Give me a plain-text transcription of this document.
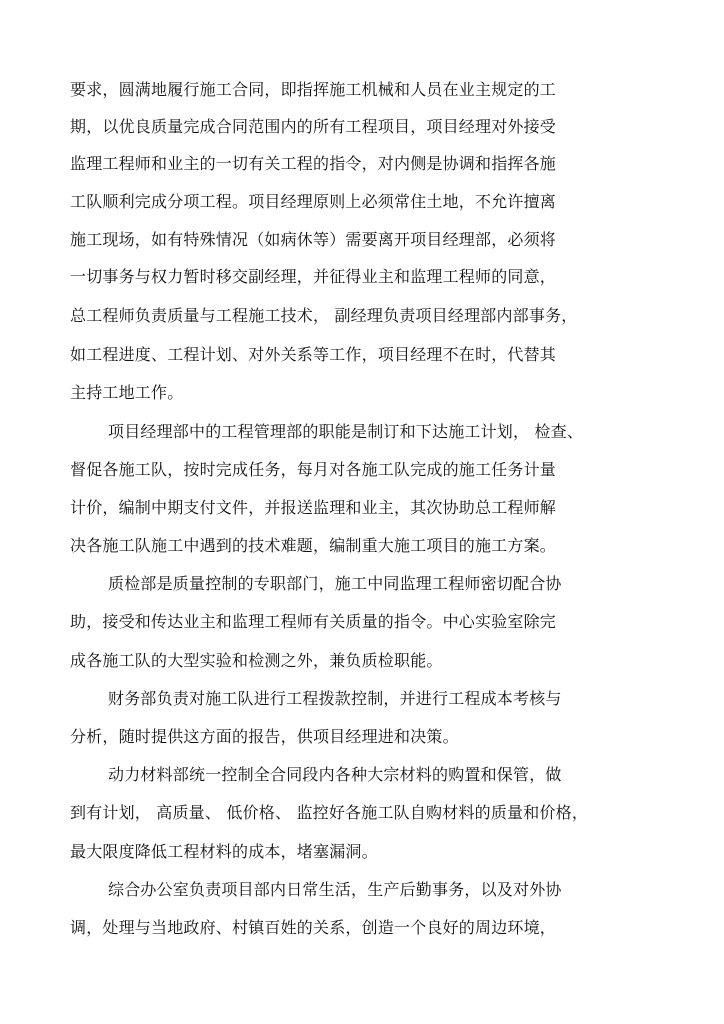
要求，圆满地履行施工合同，即指挥施工机械和人员在业主规定的工
期，以优良质量完成合同范围内的所有工程项目，项目经理对外接受
监理工程师和业主的一切有关工程的指令，对内侧是协调和指挥各施
工队顺利完成分项工程。项目经理原则上必须常住土地，不允许擅离
施工现场，如有特殊情况（如病休等）需要离开项目经理部，必须将
一切事务与权力暂时移交副经理，并征得业主和监理工程师的同意，
总工程师负责质量与工程施工技术， 副经理负责项目经理部内部事务，
如工程进度、工程计划、对外关系等工作，项目经理不在时，代替其
主持工地工作。
项目经理部中的工程管理部的职能是制订和下达施工计划， 检查、
督促各施工队，按时完成任务，每月对各施工队完成的施工任务计量
计价，编制中期支付文件，并报送监理和业主，其次协助总工程师解
决各施工队施工中遇到的技术难题，编制重大施工项目的施工方案。
质检部是质量控制的专职部门，施工中同监理工程师密切配合协
助，接受和传达业主和监理工程师有关质量的指令。中心实验室除完
成各施工队的大型实验和检测之外，兼负质检职能。
财务部负责对施工队进行工程拨款控制，并进行工程成本考核与
分析，随时提供这方面的报告，供项目经理进和决策。
动力材料部统一控制全合同段内各种大宗材料的购置和保管，做
到有计划， 高质量、 低价格、 监控好各施工队自购材料的质量和价格，
最大限度降低工程材料的成本，堵塞漏洞。
综合办公室负责项目部内日常生活，生产后勤事务，以及对外协
调，处理与当地政府、村镇百姓的关系，创造一个良好的周边环境，
